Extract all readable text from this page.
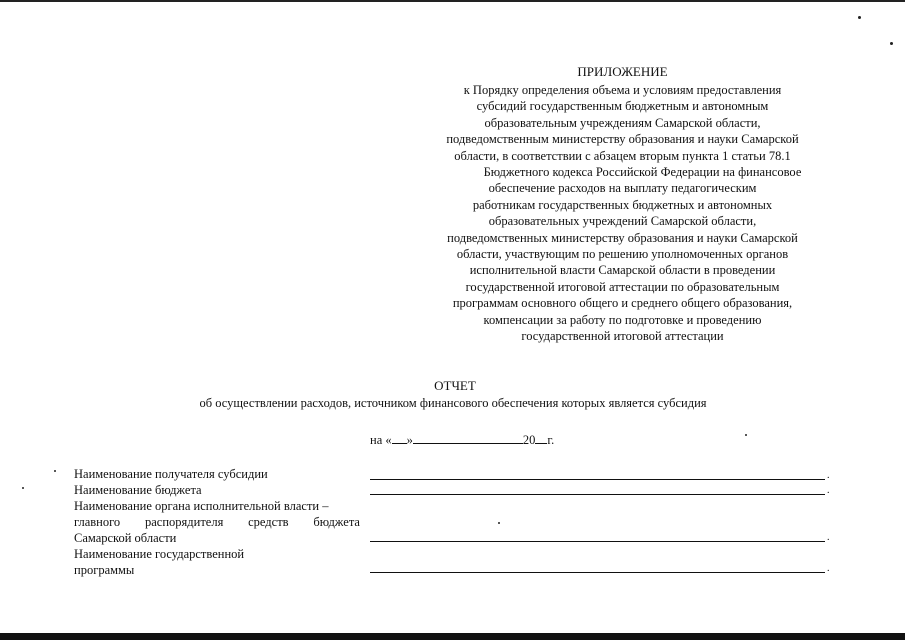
ПРИЛОЖЕНИЕ
к Порядку определения объема и условиям предоставления
субсидий государственным бюджетным и автономным
образовательным учреждениям Самарской области,
подведомственным министерству образования и науки Самарской
области, в соответствии с абзацем вторым пункта 1 статьи 78.1
Бюджетного кодекса Российской Федерации на финансовое
обеспечение расходов на выплату педагогическим
работникам государственных бюджетных и автономных
образовательных учреждений Самарской области,
подведомственных министерству образования и науки Самарской
области, участвующим по решению уполномоченных органов
исполнительной власти Самарской области в проведении
государственной итоговой аттестации по образовательным
программам основного общего и среднего общего образования,
компенсации за работу по подготовке и проведению
государственной итоговой аттестации
ОТЧЕТ
об осуществлении расходов, источником финансового обеспечения которых является субсидия
на « »	20 г.
Наименование получателя субсидии	.
Наименование бюджета	.
Наименование органа исполнительной власти –
главного распорядителя средств бюджета
Самарской области	.
Наименование государственной
программы	.
